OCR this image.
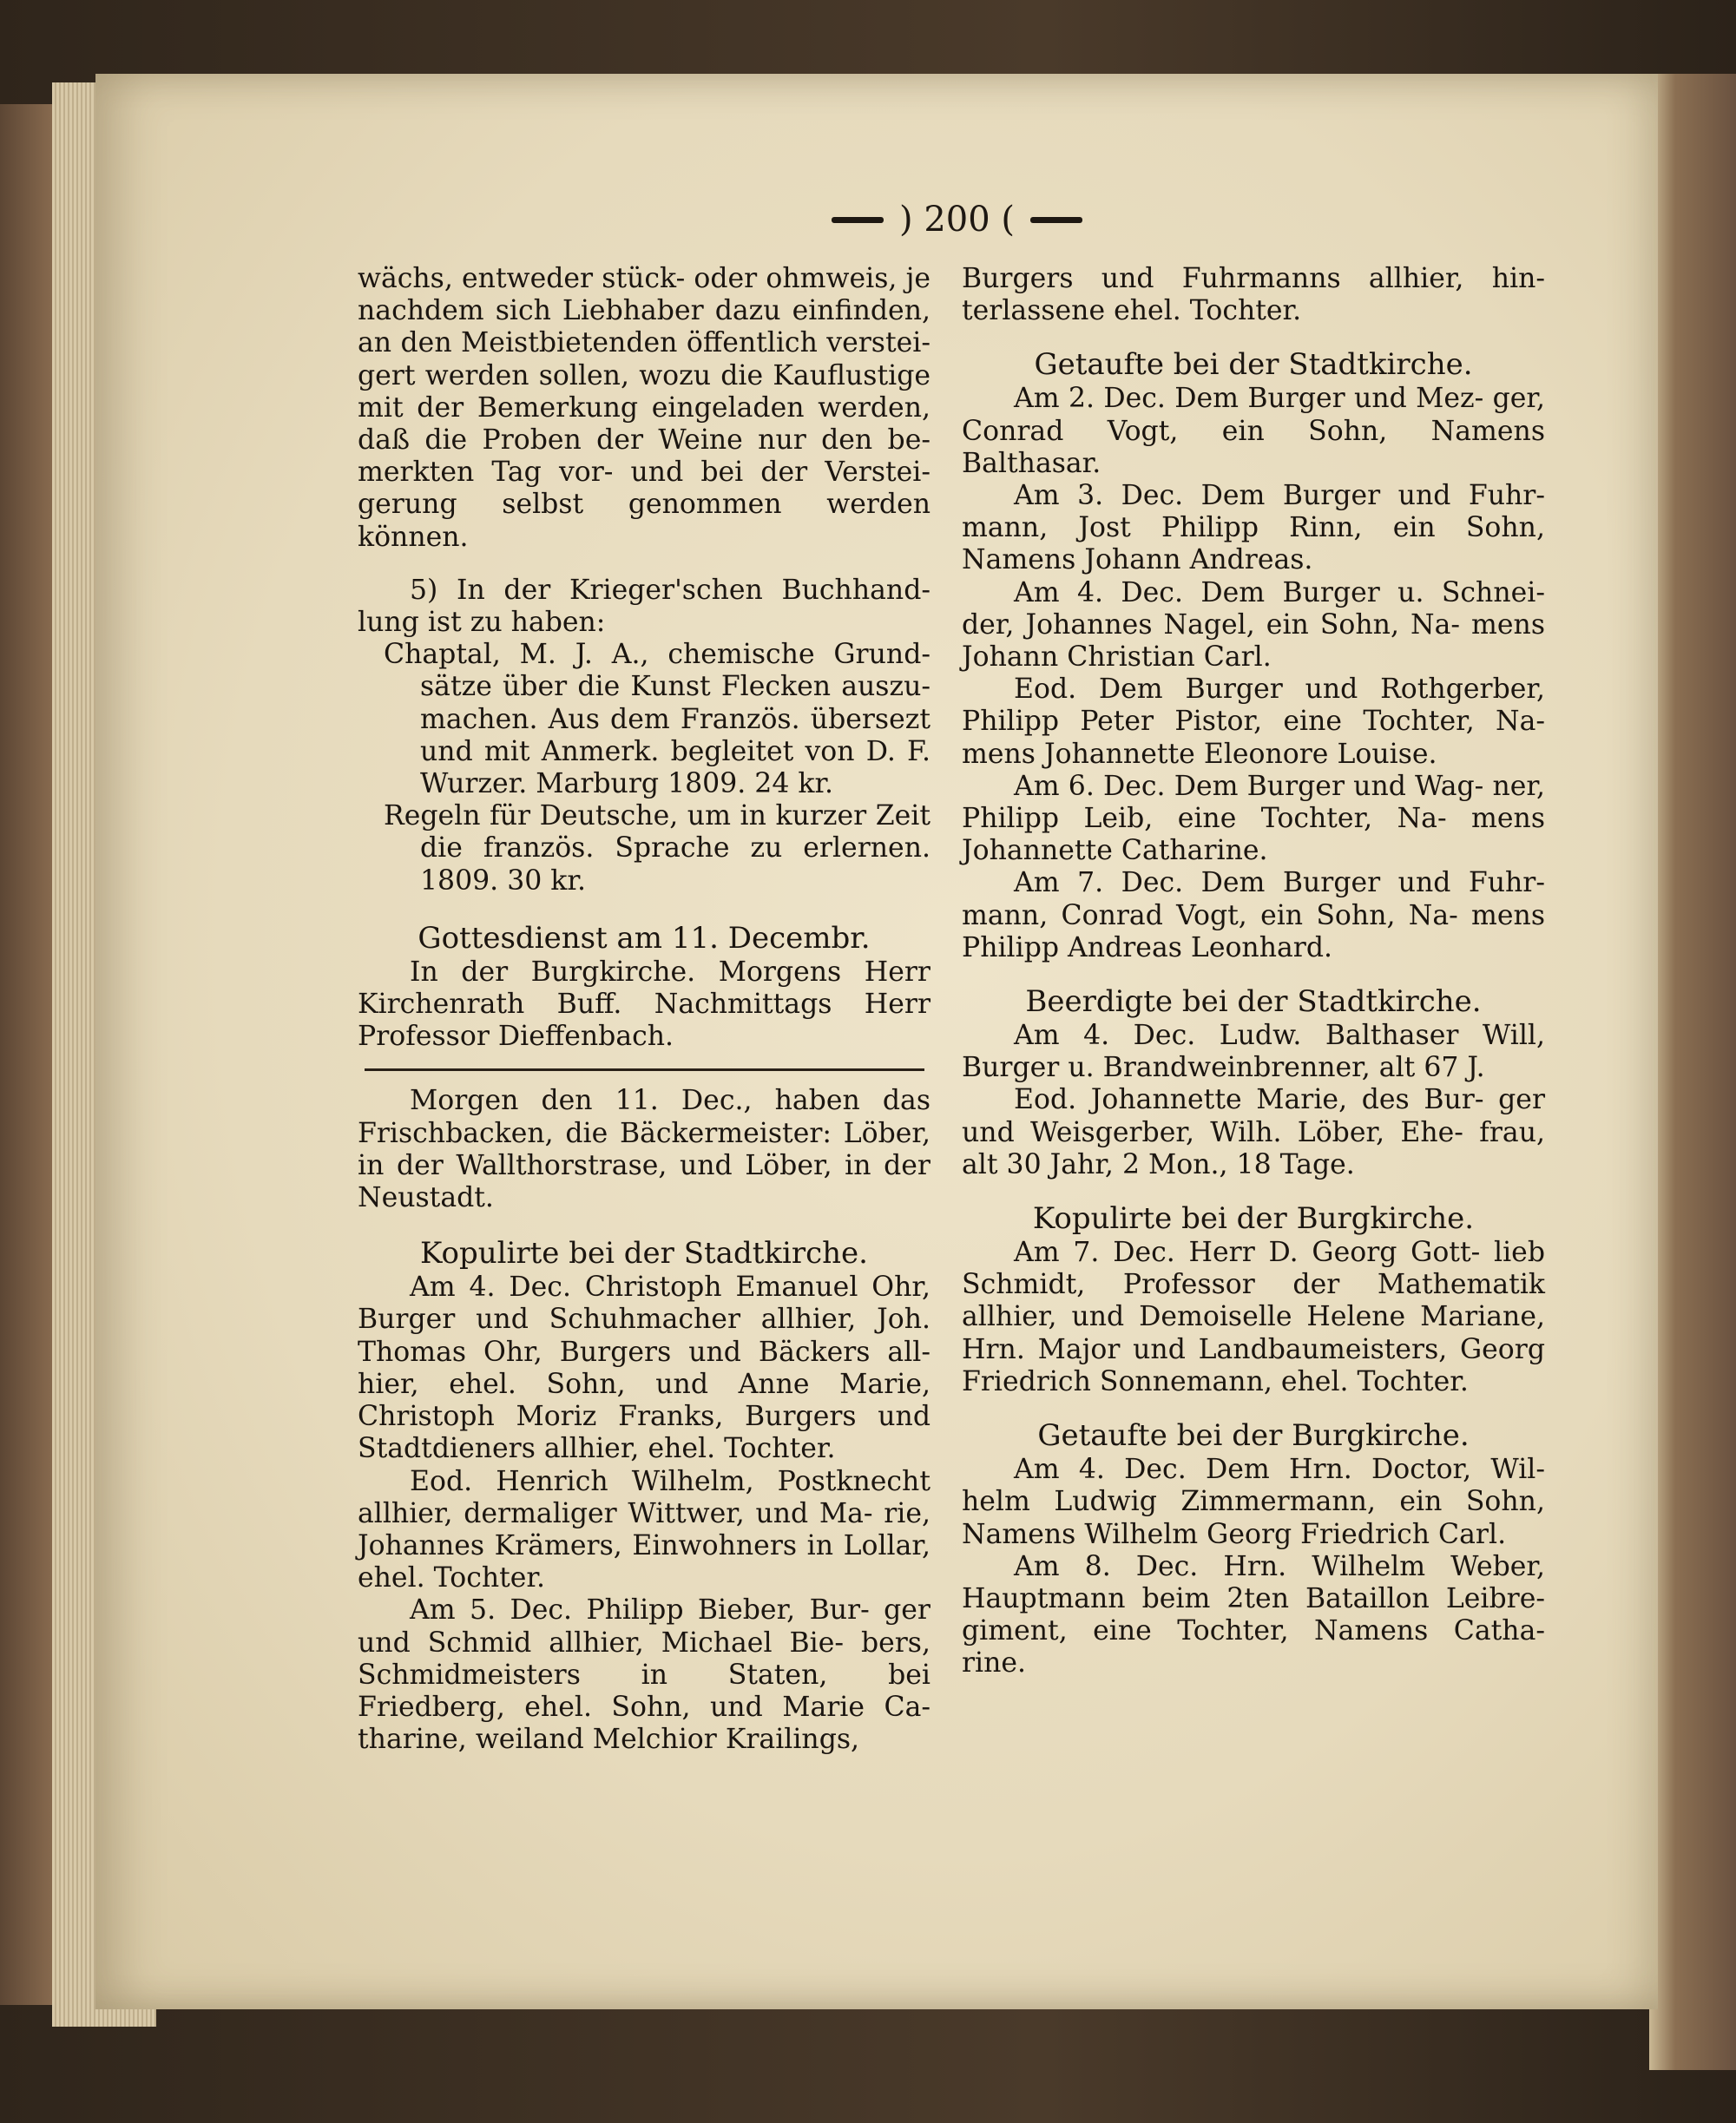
) 200 (

wächs, entweder stück- oder ohmweis, je nachdem sich Liebhaber dazu einfinden, an den Meistbietenden öffentlich verstei- gert werden sollen, wozu die Kauflustige mit der Bemerkung eingeladen werden, daß die Proben der Weine nur den be- merkten Tag vor- und bei der Verstei- gerung selbst genommen werden können.

5) In der Krieger'schen Buchhand- lung ist zu haben:

Chaptal, M. J. A., chemische Grund- sätze über die Kunst Flecken auszu- machen. Aus dem Französ. übersezt und mit Anmerk. begleitet von D. F. Wurzer. Marburg 1809. 24 kr.

Regeln für Deutsche, um in kurzer Zeit die französ. Sprache zu erlernen. 1809. 30 kr.

Gottesdienst am 11. Decembr.

In der Burgkirche. Morgens Herr Kirchenrath Buff. Nachmittags Herr Professor Dieffenbach.

Morgen den 11. Dec., haben das Frischbacken, die Bäckermeister: Löber, in der Wallthorstrase, und Löber, in der Neustadt.

Kopulirte bei der Stadtkirche.

Am 4. Dec. Christoph Emanuel Ohr, Burger und Schuhmacher allhier, Joh. Thomas Ohr, Burgers und Bäckers all- hier, ehel. Sohn, und Anne Marie, Christoph Moriz Franks, Burgers und Stadtdieners allhier, ehel. Tochter.

Eod. Henrich Wilhelm, Postknecht allhier, dermaliger Wittwer, und Ma- rie, Johannes Krämers, Einwohners in Lollar, ehel. Tochter.

Am 5. Dec. Philipp Bieber, Bur- ger und Schmid allhier, Michael Bie- bers, Schmidmeisters in Staten, bei Friedberg, ehel. Sohn, und Marie Ca- tharine, weiland Melchior Krailings,

Burgers und Fuhrmanns allhier, hin- terlassene ehel. Tochter.

Getaufte bei der Stadtkirche.

Am 2. Dec. Dem Burger und Mez- ger, Conrad Vogt, ein Sohn, Namens Balthasar.

Am 3. Dec. Dem Burger und Fuhr- mann, Jost Philipp Rinn, ein Sohn, Namens Johann Andreas.

Am 4. Dec. Dem Burger u. Schnei- der, Johannes Nagel, ein Sohn, Na- mens Johann Christian Carl.

Eod. Dem Burger und Rothgerber, Philipp Peter Pistor, eine Tochter, Na- mens Johannette Eleonore Louise.

Am 6. Dec. Dem Burger und Wag- ner, Philipp Leib, eine Tochter, Na- mens Johannette Catharine.

Am 7. Dec. Dem Burger und Fuhr- mann, Conrad Vogt, ein Sohn, Na- mens Philipp Andreas Leonhard.

Beerdigte bei der Stadtkirche.

Am 4. Dec. Ludw. Balthaser Will, Burger u. Brandweinbrenner, alt 67 J.

Eod. Johannette Marie, des Bur- ger und Weisgerber, Wilh. Löber, Ehe- frau, alt 30 Jahr, 2 Mon., 18 Tage.

Kopulirte bei der Burgkirche.

Am 7. Dec. Herr D. Georg Gott- lieb Schmidt, Professor der Mathematik allhier, und Demoiselle Helene Mariane, Hrn. Major und Landbaumeisters, Georg Friedrich Sonnemann, ehel. Tochter.

Getaufte bei der Burgkirche.

Am 4. Dec. Dem Hrn. Doctor, Wil- helm Ludwig Zimmermann, ein Sohn, Namens Wilhelm Georg Friedrich Carl.

Am 8. Dec. Hrn. Wilhelm Weber, Hauptmann beim 2ten Bataillon Leibre- giment, eine Tochter, Namens Catha- rine.
